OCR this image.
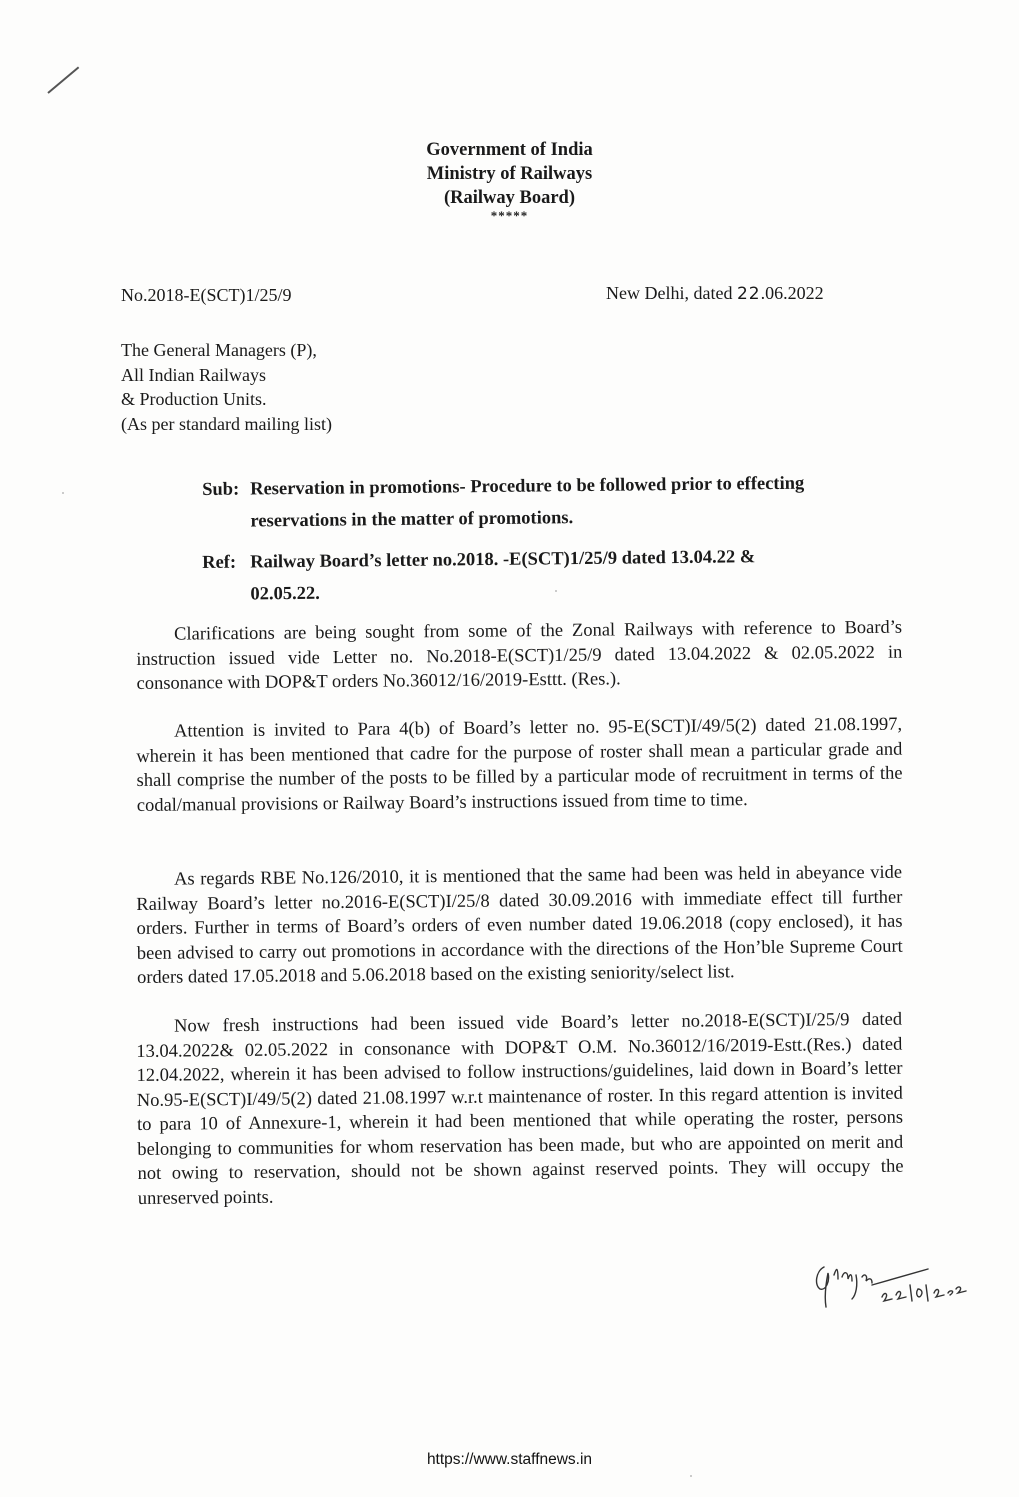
Government of India
Ministry of Railways
(Railway Board)
*****
No.2018-E(SCT)1/25/9	New Delhi, dated 22.06.2022
The General Managers (P),
All Indian Railways
& Production Units.
(As per standard mailing list)
Sub: Reservation in promotions- Procedure to be followed prior to effecting
reservations in the matter of promotions.
Ref: Railway Board’s letter no.2018. -E(SCT)1/25/9 dated 13.04.22 &
02.05.22.
Clarifications are being sought from some of the Zonal Railways with reference to Board’s instruction issued vide Letter no. No.2018-E(SCT)1/25/9 dated 13.04.2022 & 02.05.2022 in consonance with DOP&T orders No.36012/16/2019-Esttt. (Res.).
Attention is invited to Para 4(b) of Board’s letter no. 95-E(SCT)I/49/5(2) dated 21.08.1997, wherein it has been mentioned that cadre for the purpose of roster shall mean a particular grade and shall comprise the number of the posts to be filled by a particular mode of recruitment in terms of the codal/manual provisions or Railway Board’s instructions issued from time to time.
As regards RBE No.126/2010, it is mentioned that the same had been was held in abeyance vide Railway Board’s letter no.2016-E(SCT)I/25/8 dated 30.09.2016 with immediate effect till further orders. Further in terms of Board’s orders of even number dated 19.06.2018 (copy enclosed), it has been advised to carry out promotions in accordance with the directions of the Hon’ble Supreme Court orders dated 17.05.2018 and 5.06.2018 based on the existing seniority/select list.
Now fresh instructions had been issued vide Board’s letter no.2018-E(SCT)I/25/9 dated 13.04.2022& 02.05.2022 in consonance with DOP&T O.M. No.36012/16/2019-Estt.(Res.) dated 12.04.2022, wherein it has been advised to follow instructions/guidelines, laid down in Board’s letter No.95-E(SCT)I/49/5(2) dated 21.08.1997 w.r.t maintenance of roster. In this regard attention is invited to para 10 of Annexure-1, wherein it had been mentioned that while operating the roster, persons belonging to communities for whom reservation has been made, but who are appointed on merit and not owing to reservation, should not be shown against reserved points. They will occupy the unreserved points.
https://www.staffnews.in
